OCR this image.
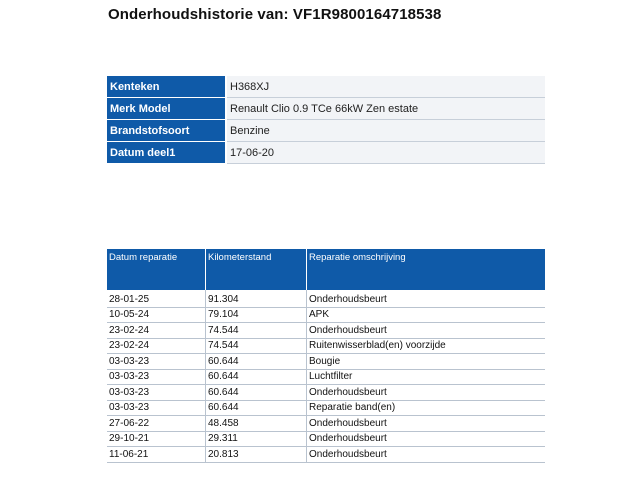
Onderhoudshistorie van: VF1R9800164718538
Kenteken	H368XJ
Merk Model	Renault Clio 0.9 TCe 66kW Zen estate
Brandstofsoort	Benzine
Datum deel1	17-06-20
Datum reparatie	Kilometerstand	Reparatie omschrijving
28-01-25	91.304	Onderhoudsbeurt
10-05-24	79.104	APK
23-02-24	74.544	Onderhoudsbeurt
23-02-24	74.544	Ruitenwisserblad(en) voorzijde
03-03-23	60.644	Bougie
03-03-23	60.644	Luchtfilter
03-03-23	60.644	Onderhoudsbeurt
03-03-23	60.644	Reparatie band(en)
27-06-22	48.458	Onderhoudsbeurt
29-10-21	29.311	Onderhoudsbeurt
11-06-21	20.813	Onderhoudsbeurt
